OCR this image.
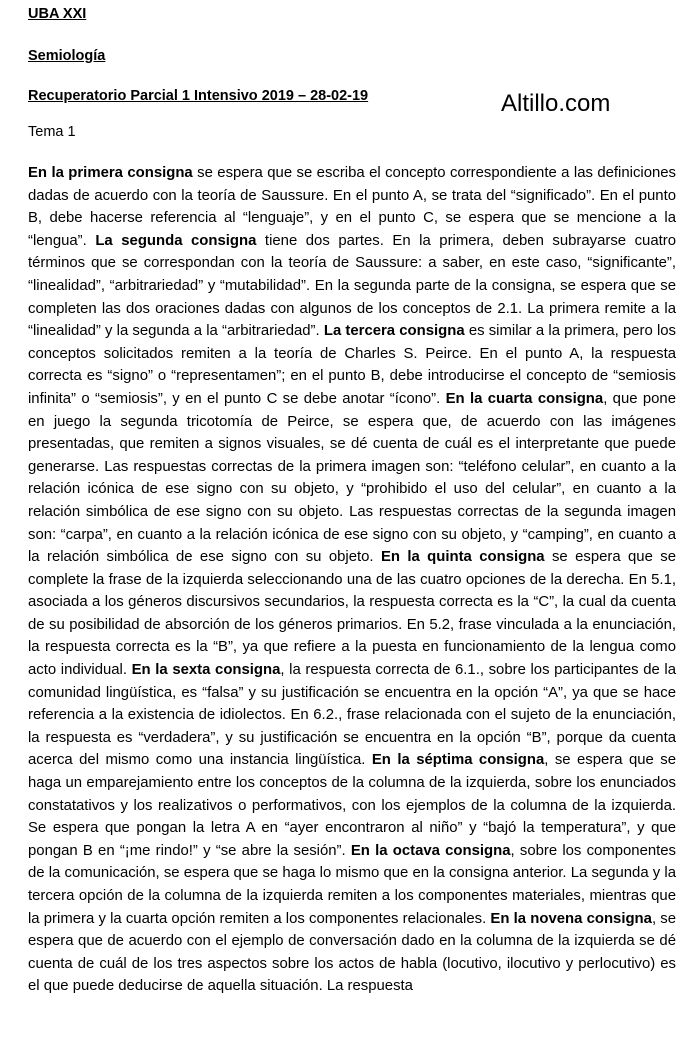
UBA XXI
Semiología
Recuperatorio Parcial 1 Intensivo 2019 – 28-02-19	Altillo.com
Tema 1
En la primera consigna se espera que se escriba el concepto correspondiente a las definiciones dadas de acuerdo con la teoría de Saussure. En el punto A, se trata del “significado”. En el punto B, debe hacerse referencia al “lenguaje”, y en el punto C, se espera que se mencione a la “lengua”. La segunda consigna tiene dos partes. En la primera, deben subrayarse cuatro términos que se correspondan con la teoría de Saussure: a saber, en este caso, “significante”, “linealidad”, “arbitrariedad” y “mutabilidad”. En la segunda parte de la consigna, se espera que se completen las dos oraciones dadas con algunos de los conceptos de 2.1. La primera remite a la “linealidad” y la segunda a la “arbitrariedad”. La tercera consigna es similar a la primera, pero los conceptos solicitados remiten a la teoría de Charles S. Peirce. En el punto A, la respuesta correcta es “signo” o “representamen”; en el punto B, debe introducirse el concepto de “semiosis infinita” o “semiosis”, y en el punto C se debe anotar “ícono”. En la cuarta consigna, que pone en juego la segunda tricotomía de Peirce, se espera que, de acuerdo con las imágenes presentadas, que remiten a signos visuales, se dé cuenta de cuál es el interpretante que puede generarse. Las respuestas correctas de la primera imagen son: “teléfono celular”, en cuanto a la relación icónica de ese signo con su objeto, y “prohibido el uso del celular”, en cuanto a la relación simbólica de ese signo con su objeto. Las respuestas correctas de la segunda imagen son: “carpa”, en cuanto a la relación icónica de ese signo con su objeto, y “camping”, en cuanto a la relación simbólica de ese signo con su objeto. En la quinta consigna se espera que se complete la frase de la izquierda seleccionando una de las cuatro opciones de la derecha. En 5.1, asociada a los géneros discursivos secundarios, la respuesta correcta es la “C”, la cual da cuenta de su posibilidad de absorción de los géneros primarios. En 5.2, frase vinculada a la enunciación, la respuesta correcta es la “B”, ya que refiere a la puesta en funcionamiento de la lengua como acto individual. En la sexta consigna, la respuesta correcta de 6.1., sobre los participantes de la comunidad lingüística, es “falsa” y su justificación se encuentra en la opción “A”, ya que se hace referencia a la existencia de idiolectos. En 6.2., frase relacionada con el sujeto de la enunciación, la respuesta es “verdadera”, y su justificación se encuentra en la opción “B”, porque da cuenta acerca del mismo como una instancia lingüística. En la séptima consigna, se espera que se haga un emparejamiento entre los conceptos de la columna de la izquierda, sobre los enunciados constatativos y los realizativos o performativos, con los ejemplos de la columna de la izquierda. Se espera que pongan la letra A en “ayer encontraron al niño” y “bajó la temperatura”, y que pongan B en “¡me rindo!” y “se abre la sesión”. En la octava consigna, sobre los componentes de la comunicación, se espera que se haga lo mismo que en la consigna anterior. La segunda y la tercera opción de la columna de la izquierda remiten a los componentes materiales, mientras que la primera y la cuarta opción remiten a los componentes relacionales. En la novena consigna, se espera que de acuerdo con el ejemplo de conversación dado en la columna de la izquierda se dé cuenta de cuál de los tres aspectos sobre los actos de habla (locutivo, ilocutivo y perlocutivo) es el que puede deducirse de aquella situación. La respuesta
